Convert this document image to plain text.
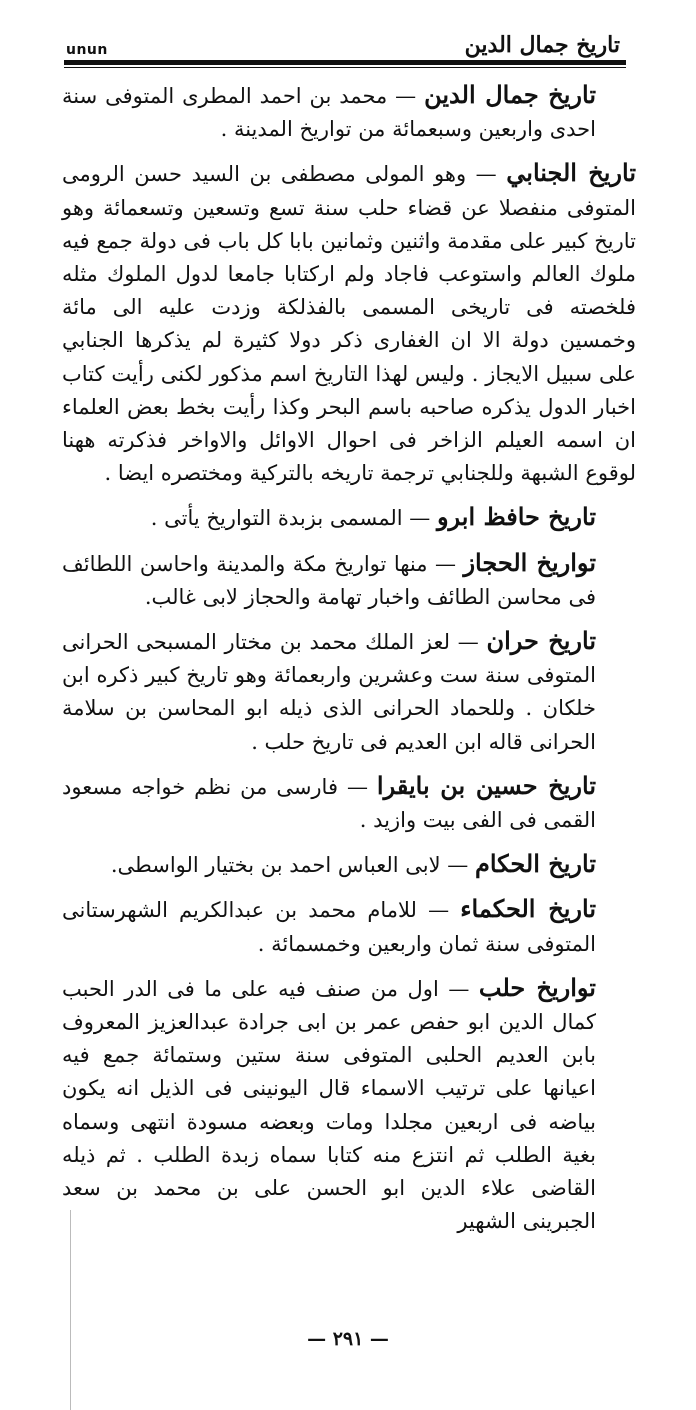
unun	تاريخ جمال الدين

تاريخ جمال الدين — محمد بن احمد المطرى المتوفى سنة احدى واربعين وسبعمائة من تواريخ المدينة .

تاريخ الجنابي — وهو المولى مصطفى بن السيد حسن الرومى المتوفى منفصلا عن قضاء حلب سنة تسع وتسعين وتسعمائة وهو تاريخ كبير على مقدمة واثنين وثمانين بابا كل باب فى دولة جمع فيه ملوك العالم واستوعب فاجاد ولم اركتابا جامعا لدول الملوك مثله فلخصته فى تاريخى المسمى بالفذلكة وزدت عليه الى مائة وخمسين دولة الا ان الغفارى ذكر دولا كثيرة لم يذكرها الجنابي على سبيل الايجاز . وليس لهذا التاريخ اسم مذكور لكنى رأيت كتاب اخبار الدول يذكره صاحبه باسم البحر وكذا رأيت بخط بعض العلماء ان اسمه العيلم الزاخر فى احوال الاوائل والاواخر فذكرته ههنا لوقوع الشبهة وللجنابي ترجمة تاريخه بالتركية ومختصره ايضا .

تاريخ حافظ ابرو — المسمى بزبدة التواريخ يأتى .

تواريخ الحجاز — منها تواريخ مكة والمدينة واحاسن اللطائف فى محاسن الطائف واخبار تهامة والحجاز لابى غالب.

تاريخ حران — لعز الملك محمد بن مختار المسبحى الحرانى المتوفى سنة ست وعشرين واربعمائة وهو تاريخ كبير ذكره ابن خلكان . وللحماد الحرانى الذى ذيله ابو المحاسن بن سلامة الحرانى قاله ابن العديم فى تاريخ حلب .

تاريخ حسين بن بايقرا — فارسى من نظم خواجه مسعود القمى فى الفى بيت وازيد .

تاريخ الحكام — لابى العباس احمد بن بختيار الواسطى.

تاريخ الحكماء — للامام محمد بن عبدالكريم الشهرستانى المتوفى سنة ثمان واربعين وخمسمائة .

تواريخ حلب — اول من صنف فيه على ما فى الدر الحبب كمال الدين ابو حفص عمر بن ابى جرادة عبدالعزيز المعروف بابن العديم الحلبى المتوفى سنة ستين وستمائة جمع فيه اعيانها على ترتيب الاسماء قال اليونينى فى الذيل انه يكون بياضه فى اربعين مجلدا ومات وبعضه مسودة انتهى وسماه بغية الطلب ثم انتزع منه كتابا سماه زبدة الطلب . ثم ذيله القاضى علاء الدين ابو الحسن على بن محمد بن سعد الجبرينى الشهير

— ٢٩١ —
